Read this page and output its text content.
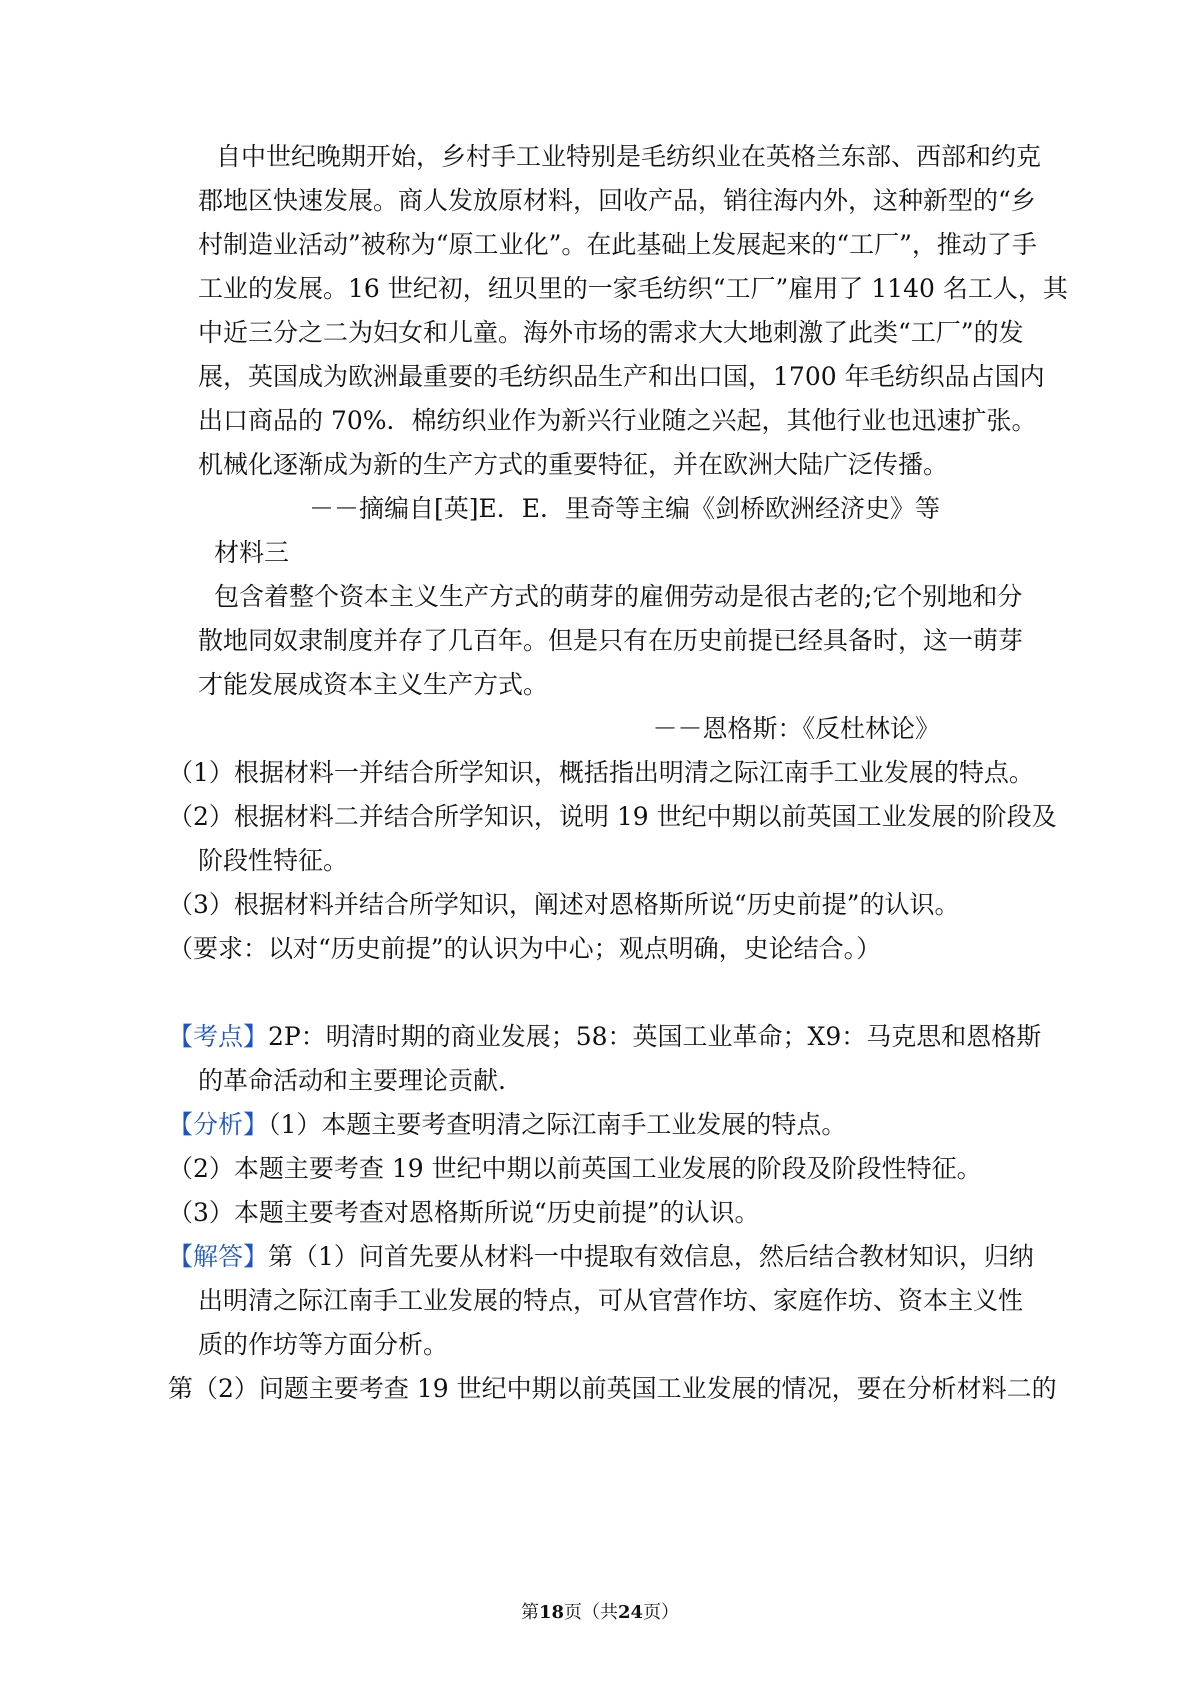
自中世纪晚期开始，乡村手工业特别是毛纺织业在英格兰东部、西部和约克
郡地区快速发展。商人发放原材料，回收产品，销往海内外，这种新型的“乡
村制造业活动”被称为“原工业化”。在此基础上发展起来的“工厂”，推动了手
工业的发展。16 世纪初，纽贝里的一家毛纺织“工厂”雇用了 1140 名工人，其
中近三分之二为妇女和儿童。海外市场的需求大大地刺激了此类“工厂”的发
展，英国成为欧洲最重要的毛纺织品生产和出口国，1700 年毛纺织品占国内
出口商品的 70%．棉纺织业作为新兴行业随之兴起，其他行业也迅速扩张。
机械化逐渐成为新的生产方式的重要特征，并在欧洲大陆广泛传播。
－－摘编自[英]E．E．里奇等主编《剑桥欧洲经济史》等
材料三
包含着整个资本主义生产方式的萌芽的雇佣劳动是很古老的;它个别地和分
散地同奴隶制度并存了几百年。但是只有在历史前提已经具备时，这一萌芽
才能发展成资本主义生产方式。
－－恩格斯：《反杜林论》
（1）根据材料一并结合所学知识，概括指出明清之际江南手工业发展的特点。
（2）根据材料二并结合所学知识，说明 19 世纪中期以前英国工业发展的阶段及
阶段性特征。
（3）根据材料并结合所学知识，阐述对恩格斯所说“历史前提”的认识。
（要求：以对“历史前提”的认识为中心；观点明确，史论结合。）
【考点】2P：明清时期的商业发展；58：英国工业革命；X9：马克思和恩格斯
的革命活动和主要理论贡献.
【分析】（1）本题主要考查明清之际江南手工业发展的特点。
（2）本题主要考查 19 世纪中期以前英国工业发展的阶段及阶段性特征。
（3）本题主要考查对恩格斯所说“历史前提”的认识。
【解答】第（1）问首先要从材料一中提取有效信息，然后结合教材知识，归纳
出明清之际江南手工业发展的特点，可从官营作坊、家庭作坊、资本主义性
质的作坊等方面分析。
第（2）问题主要考查 19 世纪中期以前英国工业发展的情况，要在分析材料二的
第18页（共24页）
